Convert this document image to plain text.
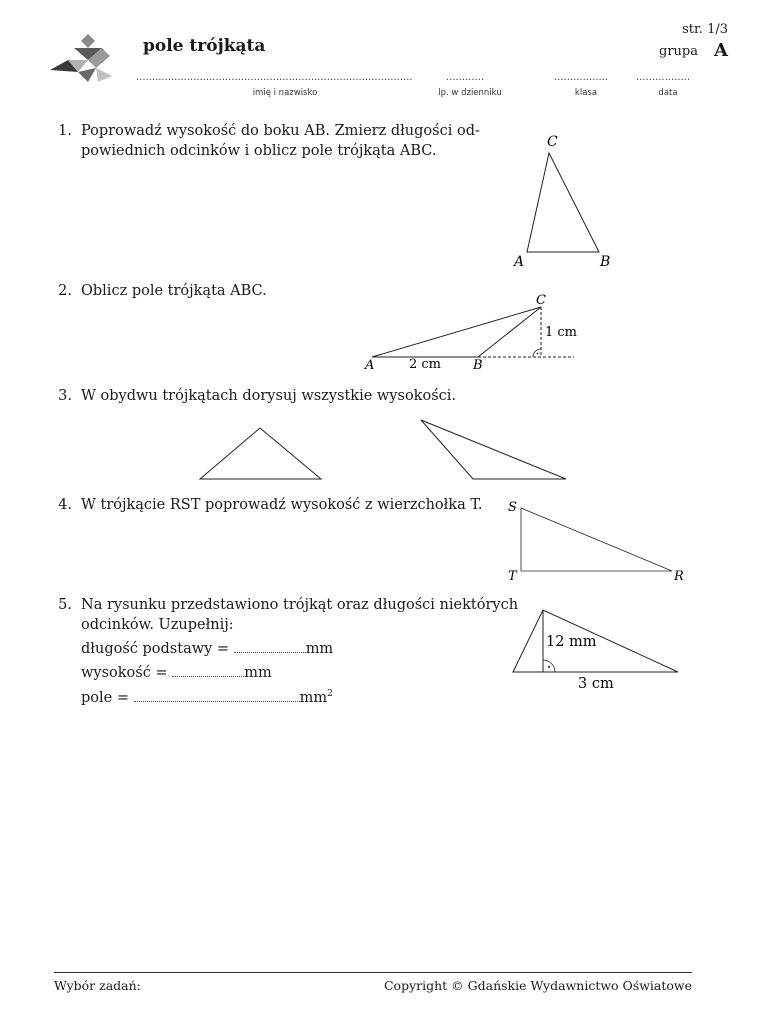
pole trójkąta
str. 1/3
grupa A
.......................................................................................
imię i nazwisko
............
lp. w dzienniku
.................
klasa
.................
data
1. Poprowadź wysokość do boku AB. Zmierz długości od-
powiednich odcinków i oblicz pole trójkąta ABC.
C
A	B
2. Oblicz pole trójkąta ABC.
C
A	B
2 cm
1 cm
3. W obydwu trójkątach dorysuj wszystkie wysokości.
4. W trójkącie RST poprowadź wysokość z wierzchołka T. S
T	R
5. Na rysunku przedstawiono trójkąt oraz długości niektórych
odcinków. Uzupełnij:
długość podstawy =	mm
wysokość =	mm
pole =	$mm^2$
12 mm
3 cm
Wybór zadań:	Copyright © Gdańskie Wydawnictwo Oświatowe
